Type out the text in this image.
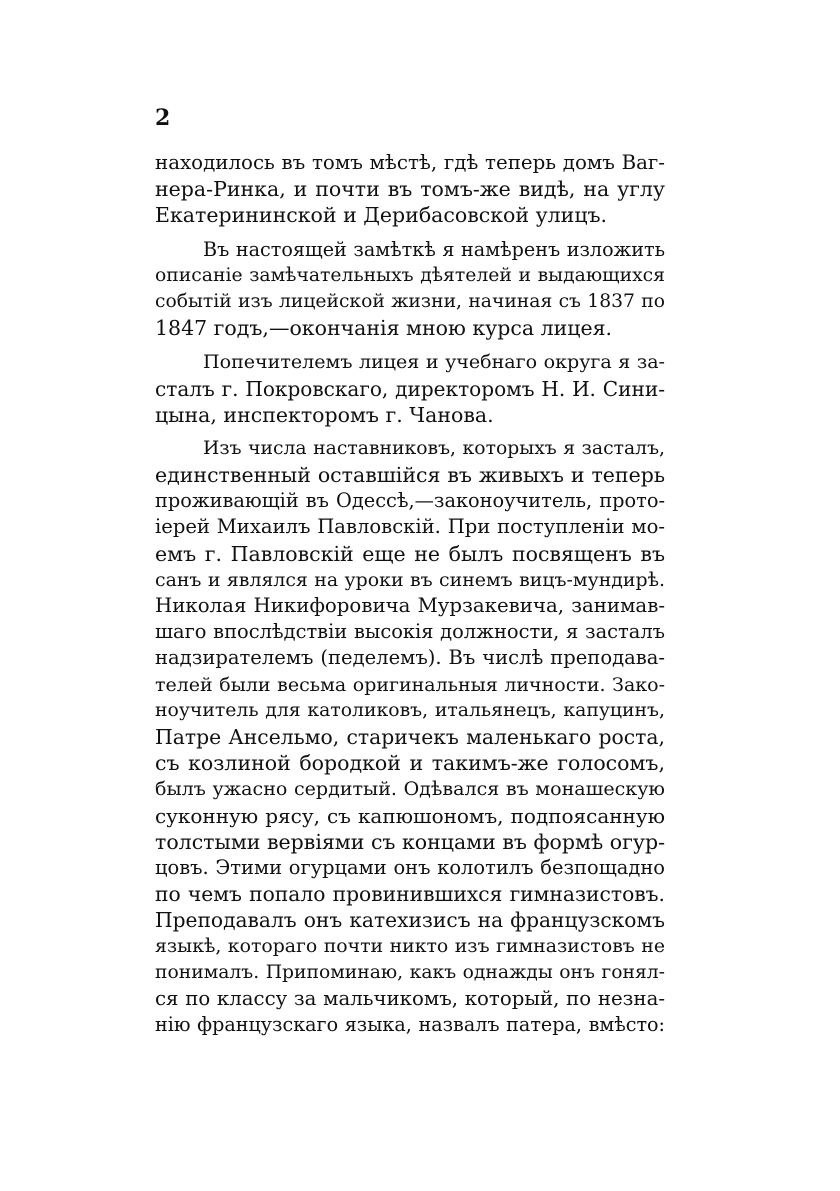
2
находилось въ томъ мѣстѣ, гдѣ теперь домъ Ваг-
нера-Ринка, и почти въ томъ-же видѣ, на углу
Екатерининской и Дерибасовской улицъ.
Въ настоящей замѣткѣ я намѣренъ изложить
описаніе замѣчательныхъ дѣятелей и выдающихся
событій изъ лицейской жизни, начиная съ 1837 по
1847 годъ,—окончанія мною курса лицея.
Попечителемъ лицея и учебнаго округа я за-
сталъ г. Покровскаго, директоромъ Н. И. Сини-
цына, инспекторомъ г. Чанова.
Изъ числа наставниковъ, которыхъ я засталъ,
единственный оставшійся въ живыхъ и теперь
проживающій въ Одессѣ,—законоучитель, прото-
іерей Михаилъ Павловскій. При поступленіи мо-
емъ г. Павловскій еще не былъ посвященъ въ
санъ и являлся на уроки въ синемъ вицъ-мундирѣ.
Николая Никифоровича Мурзакевича, занимав-
шаго впослѣдствіи высокія должности, я засталъ
надзирателемъ (педелемъ). Въ числѣ преподава-
телей были весьма оригинальныя личности. Зако-
ноучитель для католиковъ, итальянецъ, капуцинъ,
Патре Ансельмо, старичекъ маленькаго роста,
съ козлиной бородкой и такимъ-же голосомъ,
былъ ужасно сердитый. Одѣвался въ монашескую
суконную рясу, съ капюшономъ, подпоясанную
толстыми вервіями съ концами въ формѣ огур-
цовъ. Этими огурцами онъ колотилъ безпощадно
по чемъ попало провинившихся гимназистовъ.
Преподавалъ онъ катехизисъ на французскомъ
языкѣ, котораго почти никто изъ гимназистовъ не
понималъ. Припоминаю, какъ однажды онъ гонял-
ся по классу за мальчикомъ, который, по незна-
нію французскаго языка, назвалъ патера, вмѣсто:
